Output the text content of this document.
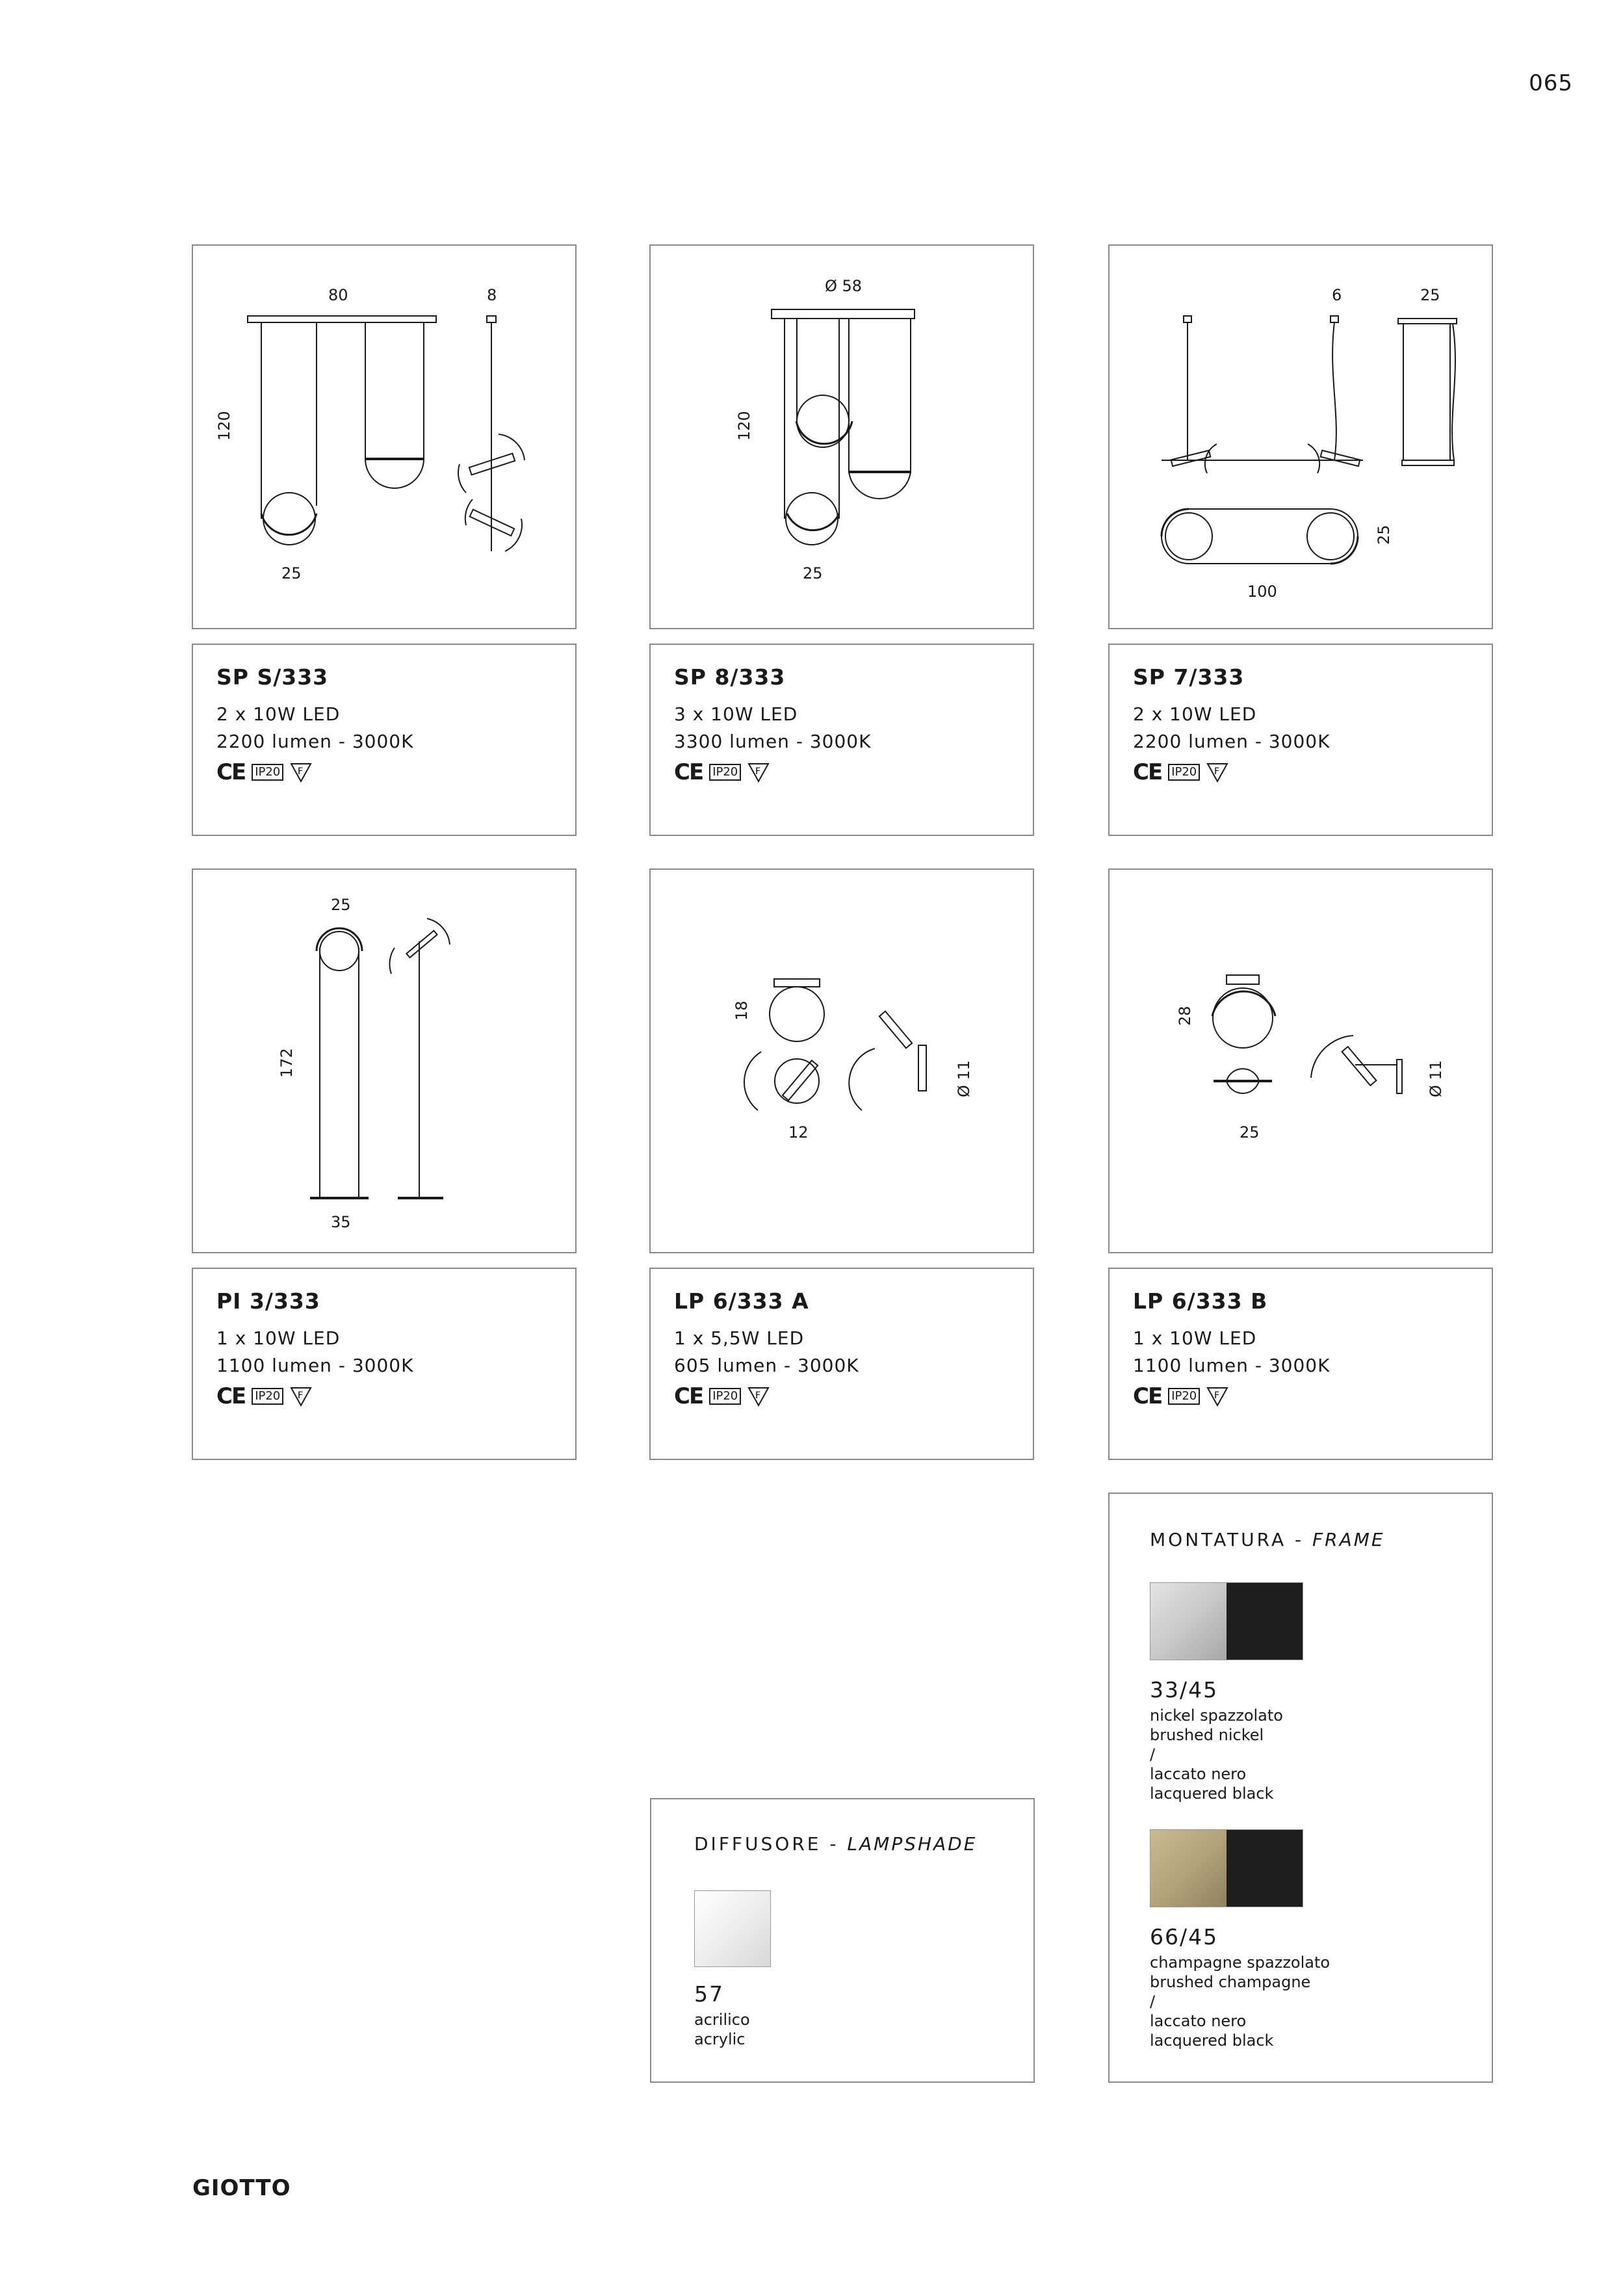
065
80	8
120
25
Ø 58
120
25
6	25
100
25
SP S/333
2 x 10W LED
2200 lumen - 3000K
CE IP20	F
SP 8/333
3 x 10W LED
3300 lumen - 3000K
CE IP20	F
SP 7/333
2 x 10W LED
2200 lumen - 3000K
CE IP20	F
25
172
35
18
12
Ø 11
28
25
Ø 11
PI 3/333
1 x 10W LED
1100 lumen - 3000K
CE IP20	F
LP 6/333 A
1 x 5,5W LED
605 lumen - 3000K
CE IP20	F
LP 6/333 B
1 x 10W LED
1100 lumen - 3000K
CE IP20	F
MONTATURA - FRAME
33/45
nickel spazzolato
brushed nickel
/
laccato nero
lacquered black
66/45
champagne spazzolato
brushed champagne
/
laccato nero
lacquered black
DIFFUSORE - LAMPSHADE
57
acrilico
acrylic
GIOTTO
